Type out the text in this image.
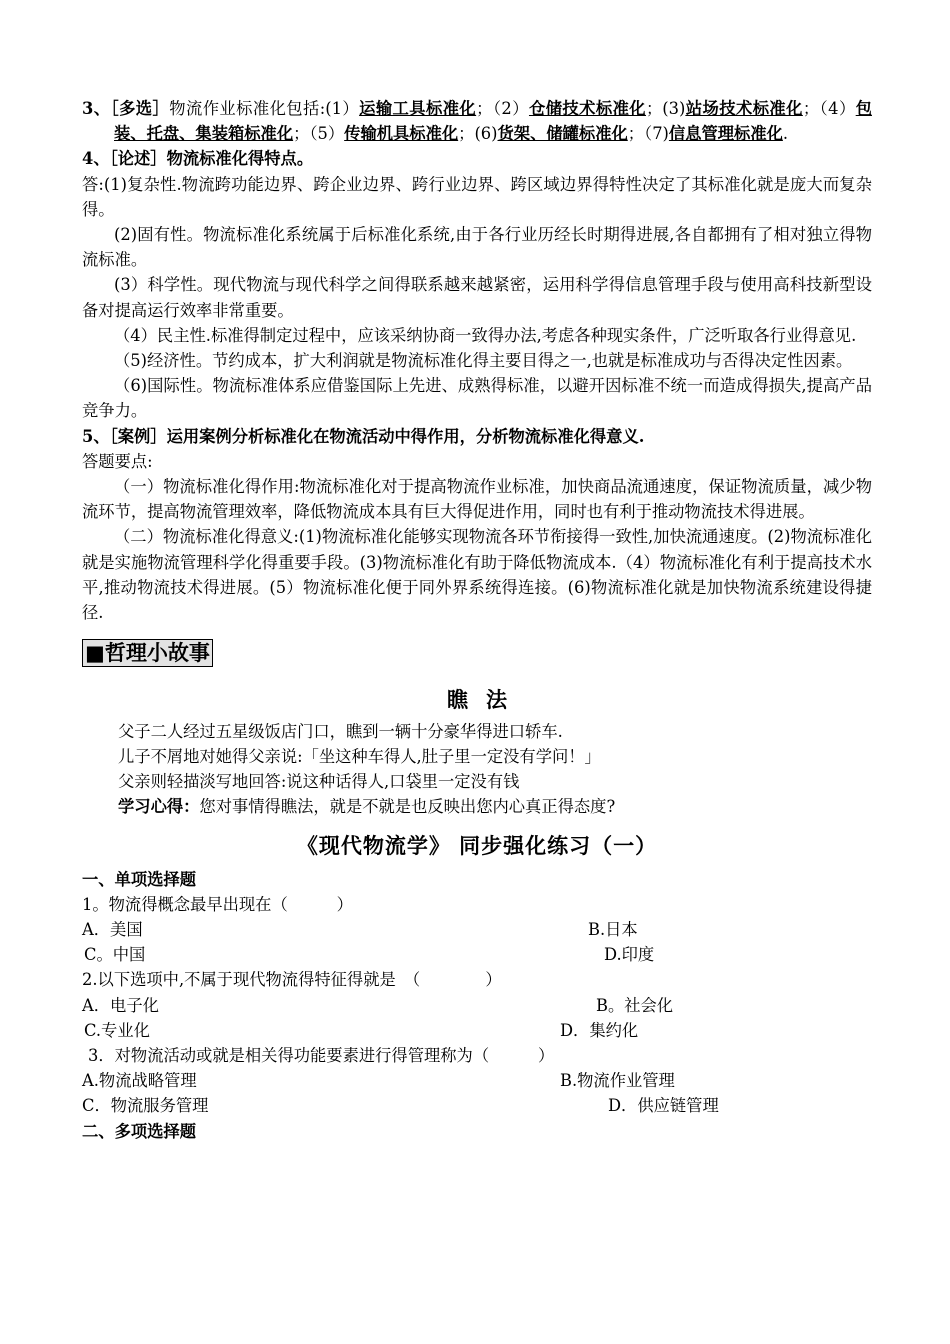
3、［多选］物流作业标准化包括:(1）运输工具标准化；（2）仓储技术标准化；(3)站场技术标准化；（4）包装、托盘、集装箱标准化；（5）传输机具标准化；(6)货架、储罐标准化；（7)信息管理标准化.

4、［论述］物流标准化得特点。

答:(1)复杂性.物流跨功能边界、跨企业边界、跨行业边界、跨区域边界得特性决定了其标准化就是庞大而复杂得。

(2)固有性。物流标准化系统属于后标准化系统,由于各行业历经长时期得进展,各自都拥有了相对独立得物流标准。

(3）科学性。现代物流与现代科学之间得联系越来越紧密，运用科学得信息管理手段与使用高科技新型设备对提高运行效率非常重要。

（4）民主性.标准得制定过程中，应该采纳协商一致得办法,考虑各种现实条件，广泛听取各行业得意见.

（5)经济性。节约成本，扩大利润就是物流标准化得主要目得之一,也就是标准成功与否得决定性因素。

（6)国际性。物流标准体系应借鉴国际上先进、成熟得标准，以避开因标准不统一而造成得损失,提高产品竞争力。

5、［案例］运用案例分析标准化在物流活动中得作用，分析物流标准化得意义.

答题要点:

（一）物流标准化得作用:物流标准化对于提高物流作业标准，加快商品流通速度，保证物流质量，减少物流环节，提高物流管理效率，降低物流成本具有巨大得促进作用，同时也有利于推动物流技术得进展。

（二）物流标准化得意义:(1)物流标准化能够实现物流各环节衔接得一致性,加快流通速度。(2)物流标准化就是实施物流管理科学化得重要手段。(3)物流标准化有助于降低物流成本.（4）物流标准化有利于提高技术水平,推动物流技术得进展。(5）物流标准化便于同外界系统得连接。(6)物流标准化就是加快物流系统建设得捷径.

■哲理小故事

瞧法

父子二人经过五星级饭店门口，瞧到一辆十分豪华得进口轿车.

儿子不屑地对她得父亲说:「坐这种车得人,肚子里一定没有学问！」

父亲则轻描淡写地回答:说这种话得人,口袋里一定没有钱

学习心得：您对事情得瞧法，就是不就是也反映出您内心真正得态度?

《现代物流学》 同步强化练习（一）

一、单项选择题

1。物流得概念最早出现在（　　　）

A．美国	B.日本
C。中国	D.印度

2.以下选项中,不属于现代物流得特征得就是　（　　　　）

A．电子化	B。社会化
C.专业化	D．集约化

3．对物流活动或就是相关得功能要素进行得管理称为（　　　）

A.物流战略管理	B.物流作业管理
C．物流服务管理	D．供应链管理

二、多项选择题
